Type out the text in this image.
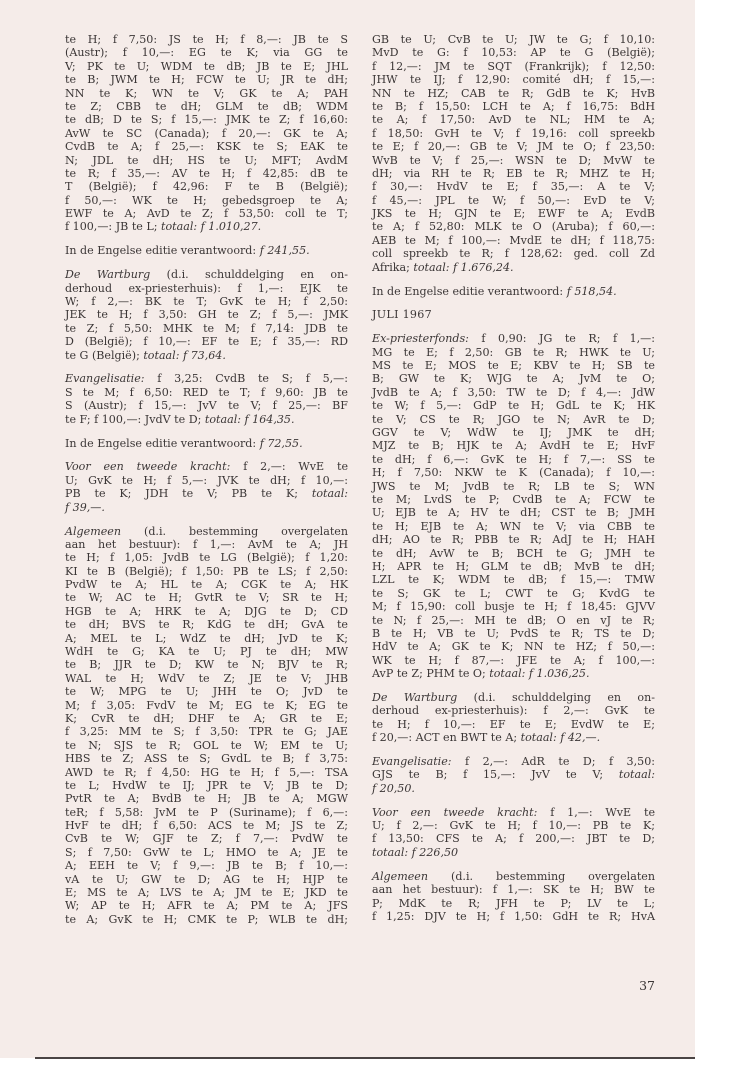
te H; f 7,50: JS te H; f 8,—: JB te S
(Austr); f 10,—: EG te K; via GG te
V; PK te U; WDM te dB; JB te E; JHL
te B; JWM te H; FCW te U; JR te dH;
NN te K; WN te V; GK te A; PAH
te Z; CBB te dH; GLM te dB; WDM
te dB; D te S; f 15,—: JMK te Z; f 16,60:
AvW te SC (Canada); f 20,—: GK te A;
CvdB te A; f 25,—: KSK te S; EAK te
N; JDL te dH; HS te U; MFT; AvdM
te R; f 35,—: AV te H; f 42,85: dB te
T (België); f 42,96: F te B (België);
f 50,—: WK te H; gebedsgroep te A;
EWF te A; AvD te Z; f 53,50: coll te T;
f 100,—: JB te L; totaal: f 1.010,27.
In de Engelse editie verantwoord: f 241,55.
De Wartburg (d.i. schulddelging en on-
derhoud ex-priesterhuis): f 1,—: EJK te
W; f 2,—: BK te T; GvK te H; f 2,50:
JEK te H; f 3,50: GH te Z; f 5,—: JMK
te Z; f 5,50: MHK te M; f 7,14: JDB te
D (België); f 10,—: EF te E; f 35,—: RD
te G (België); totaal: f 73,64.
Evangelisatie: f 3,25: CvdB te S; f 5,—:
S te M; f 6,50: RED te T; f 9,60: JB te
S (Austr); f 15,—: JvV te V; f 25,—: BF
te F; f 100,—: JvdV te D; totaal: f 164,35.
In de Engelse editie verantwoord: f 72,55.
Voor een tweede kracht: f 2,—: WvE te
U; GvK te H; f 5,—: JVK te dH; f 10,—:
PB te K; JDH te V; PB te K; totaal:
f 39,—.
Algemeen (d.i. bestemming overgelaten
aan het bestuur): f 1,—: AvM te A; JH
te H; f 1,05: JvdB te LG (België); f 1,20:
KI te B (België); f 1,50: PB te LS; f 2,50:
PvdW te A; HL te A; CGK te A; HK
te W; AC te H; GvtR te V; SR te H;
HGB te A; HRK te A; DJG te D; CD
te dH; BVS te R; KdG te dH; GvA te
A; MEL te L; WdZ te dH; JvD te K;
WdH te G; KA te U; PJ te dH; MW
te B; JJR te D; KW te N; BJV te R;
WAL te H; WdV te Z; JE te V; JHB
te W; MPG te U; JHH te O; JvD te
M; f 3,05: FvdV te M; EG te K; EG te
K; CvR te dH; DHF te A; GR te E;
f 3,25: MM te S; f 3,50: TPR te G; JAE
te N; SJS te R; GOL te W; EM te U;
HBS te Z; ASS te S; GvdL te B; f 3,75:
AWD te R; f 4,50: HG te H; f 5,—: TSA
te L; HvdW te IJ; JPR te V; JB te D;
PvtR te A; BvdB te H; JB te A; MGW
teR; f 5,58: JvM te P (Suriname); f 6,—:
HvF te dH; f 6,50: ACS te M; JS te Z;
CvB te W; GJF te Z; f 7,—: PvdW te
S; f 7,50: GvW te L; HMO te A; JE te
A; EEH te V; f 9,—: JB te B; f 10,—:
vA te U; GW te D; AG te H; HJP te
E; MS te A; LVS te A; JM te E; JKD te
W; AP te H; AFR te A; PM te A; JFS
te A; GvK te H; CMK te P; WLB te dH;
GB te U; CvB te U; JW te G; f 10,10:
MvD te G: f 10,53: AP te G (België);
f 12,—: JM te SQT (Frankrijk); f 12,50:
JHW te IJ; f 12,90: comité dH; f 15,—:
NN te HZ; CAB te R; GdB te K; HvB
te B; f 15,50: LCH te A; f 16,75: BdH
te A; f 17,50: AvD te NL; HM te A;
f 18,50: GvH te V; f 19,16: coll spreekb
te E; f 20,—: GB te V; JM te O; f 23,50:
WvB te V; f 25,—: WSN te D; MvW te
dH; via RH te R; EB te R; MHZ te H;
f 30,—: HvdV te E; f 35,—: A te V;
f 45,—: JPL te W; f 50,—: EvD te V;
JKS te H; GJN te E; EWF te A; EvdB
te A; f 52,80: MLK te O (Aruba); f 60,—:
AEB te M; f 100,—: MvdE te dH; f 118,75:
coll spreekb te R; f 128,62: ged. coll Zd
Afrika; totaal: f 1.676,24.
In de Engelse editie verantwoord: f 518,54.
JULI 1967
Ex-priesterfonds: f 0,90: JG te R; f 1,—:
MG te E; f 2,50: GB te R; HWK te U;
MS te E; MOS te E; KBV te H; SB te
B; GW te K; WJG te A; JvM te O;
JvdB te A; f 3,50: TW te D; f 4,—: JdW
te W; f 5,—: GdP te H; GdL te K; HK
te V; CS te R; JGO te N; AvR te D;
GGV te V; WdW te IJ; JMK te dH;
MJZ te B; HJK te A; AvdH te E; HvF
te dH; f 6,—: GvK te H; f 7,—: SS te
H; f 7,50: NKW te K (Canada); f 10,—:
JWS te M; JvdB te R; LB te S; WN
te M; LvdS te P; CvdB te A; FCW te
U; EJB te A; HV te dH; CST te B; JMH
te H; EJB te A; WN te V; via CBB te
dH; AO te R; PBB te R; AdJ te H; HAH
te dH; AvW te B; BCH te G; JMH te
H; APR te H; GLM te dB; MvB te dH;
LZL te K; WDM te dB; f 15,—: TMW
te S; GK te L; CWT te G; KvdG te
M; f 15,90: coll busje te H; f 18,45: GJVV
te N; f 25,—: MH te dB; O en vJ te R;
B te H; VB te U; PvdS te R; TS te D;
HdV te A; GK te K; NN te HZ; f 50,—:
WK te H; f 87,—: JFE te A; f 100,—:
AvP te Z; PHM te O; totaal: f 1.036,25.
De Wartburg (d.i. schulddelging en on-
derhoud ex-priesterhuis): f 2,—: GvK te
te H; f 10,—: EF te E; EvdW te E;
f 20,—: ACT en BWT te A; totaal: f 42,—.
Evangelisatie: f 2,—: AdR te D; f 3,50:
GJS te B; f 15,—: JvV te V; totaal:
f 20,50.
Voor een tweede kracht: f 1,—: WvE te
U; f 2,—: GvK te H; f 10,—: PB te K;
f 13,50: CFS te A; f 200,—: JBT te D;
totaal: f 226,50
Algemeen (d.i. bestemming overgelaten
aan het bestuur): f 1,—: SK te H; BW te
P; MdK te R; JFH te P; LV te L;
f 1,25: DJV te H; f 1,50: GdH te R; HvA
37
